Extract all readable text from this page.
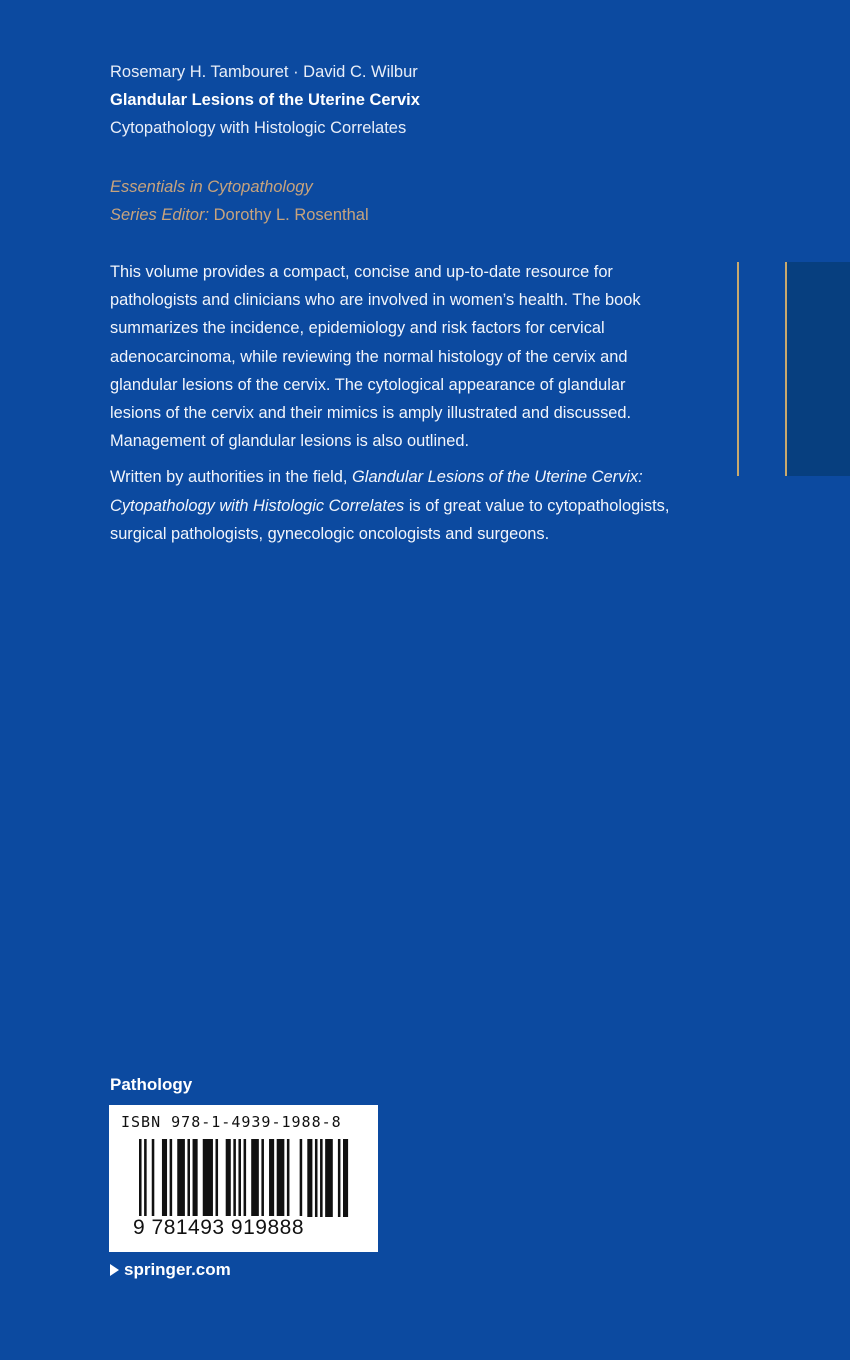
Rosemary H. Tambouret · David C. Wilbur
Glandular Lesions of the Uterine Cervix
Cytopathology with Histologic Correlates
Essentials in Cytopathology
Series Editor: Dorothy L. Rosenthal

This volume provides a compact, concise and up-to-date resource for pathologists and clinicians who are involved in women’s health. The book summarizes the incidence, epidemiology and risk factors for cervical adenocarcinoma, while reviewing the normal histology of the cervix and glandular lesions of the cervix. The cytological appearance of glandular lesions of the cervix and their mimics is amply illustrated and discussed. Management of glandular lesions is also outlined.

Written by authorities in the field, Glandular Lesions of the Uterine Cervix: Cytopathology with Histologic Correlates is of great value to cytopathologists, surgical pathologists, gynecologic oncologists and surgeons.

Pathology
ISBN 978-1-4939-1988-8
9 781493 919888
springer.com
